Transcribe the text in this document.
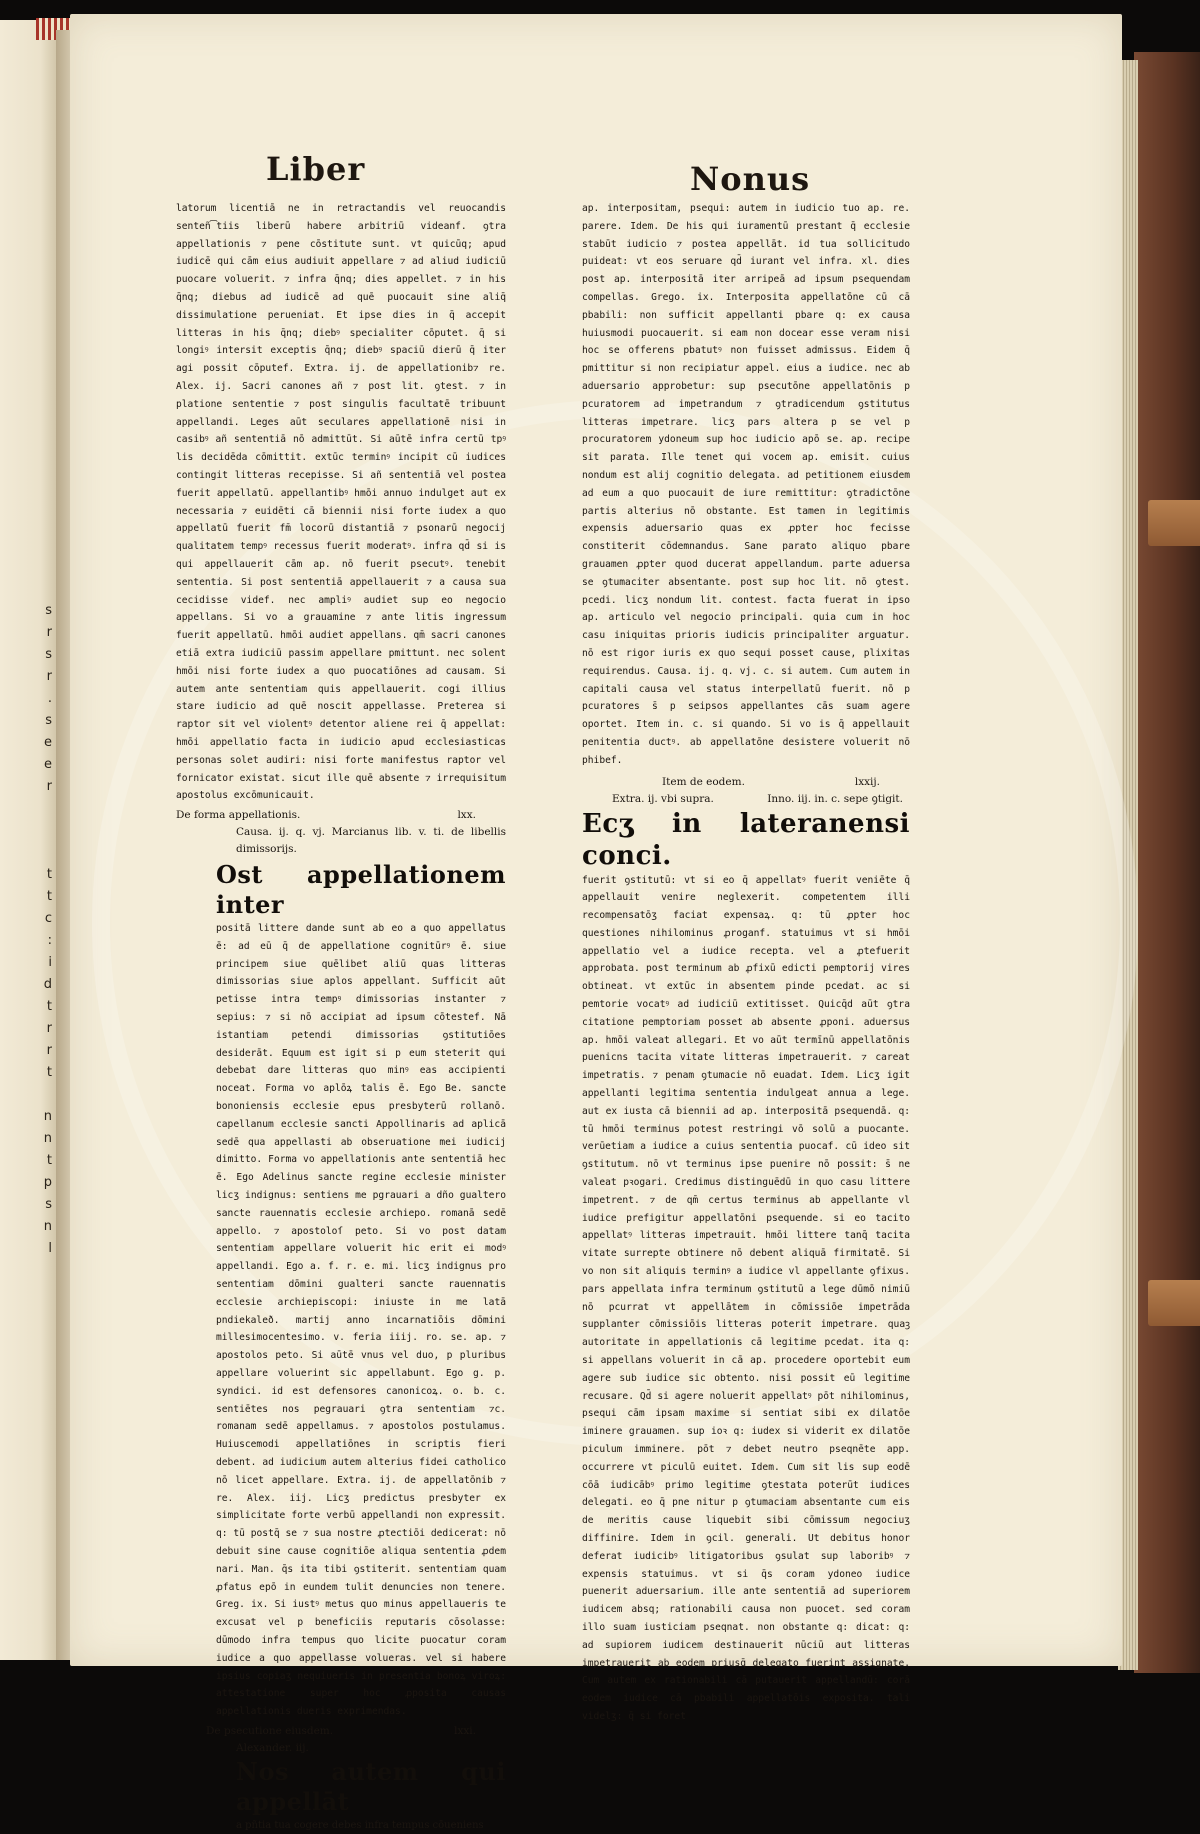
s
r
s
r
.
s
e
e
r

t
t
c
:
i
d
t
r
r
t

n
n
t
p
s
n
l
Liber	Nonus

latorum licentiā ne in retractandis vel reuocandis senteñ͡tiis liberū habere arbitriū videanf. ꝯtra appellationis ⁊ pene cōstitute sunt. vt quicūq; apud iudicē qui cām eius audiuit appellare ⁊ ad aliud iudiciū puocare voluerit. ⁊ infra q̄nq; dies appellet. ⁊ in his q̄nq; diebus ad iudicē ad quē puocauit sine aliq̄ dissimulatione perueniat. Et ipse dies in q̄ accepit litteras in his q̄nq; diebꝰ specialiter cōputet. q̄ si longiꝰ intersit exceptis q̄nq; diebꝰ spaciū dierū q̄ iter agi possit cōputef. Extra. ij. de appellationib⁊ re. Alex. ij. Sacri canones añ ⁊ post lit. ꝯtest. ⁊ in platione sententie ⁊ post singulis facultatē tribuunt appellandi. Leges aūt seculares appellationē nisi in casibꝰ añ sententiā nō admittūt. Si aūtē infra certū tpꝰ lis decidēda cōmittit. extūc terminꝰ incipit cū iudices contingit litteras recepisse. Si añ sententiā vel postea fuerit appellatū. appellantibꝰ hmōi annuo indulget aut ex necessaria ⁊ euidēti cā biennii nisi forte iudex a quo appellatū fuerit fm̄ locorū distantiā ⁊ psonarū negocij qualitatem tempꝰ recessus fuerit moderatꝰ. infra qd̄ si is qui appellauerit cām ap. nō fuerit psecutꝰ. tenebit sententia. Si post sententiā appellauerit ⁊ a causa sua cecidisse videf. nec ampliꝰ audiet sup eo negocio appellans. Si vo a grauamine ⁊ ante litis ingressum fuerit appellatū. hmōi audiet appellans. qm̄ sacri canones etiā extra iudiciū passim appellare pmittunt. nec solent hmōi nisi forte iudex a quo puocatiōnes ad causam. Si autem ante sententiam quis appellauerit. cogi illius stare iudicio ad quē noscit appellasse. Preterea si raptor sit vel violentꝰ detentor aliene rei q̄ appellat: hmōi appellatio facta in iudicio apud ecclesiasticas personas solet audiri: nisi forte manifestus raptor vel fornicator existat. sicut ille quē absente ⁊ irrequisitum apostolus excōmunicauit.

De forma appellationis.	lxx.
Causa. ij. q. vj. Marcianus lib. v. ti. de libellis dimissorijs.
Ost appellationem inter

positā littere dande sunt ab eo a quo appellatus ē: ad eū q̄ de appellatione cognitūrꝰ ē. siue principem siue quēlibet aliū quas litteras dimissorias siue aplos appellant. Sufficit aūt petisse intra tempꝰ dimissorias instanter ⁊ sepius: ⁊ si nō accipiat ad ipsum cōtestef. Nā istantiam petendi dimissorias ꝯstitutiōes desiderāt. Equum est igit si p eum steterit qui debebat dare litteras quo minꝰ eas accipienti noceat. Forma vo aplōꝝ talis ē. Ego Be. sancte bononiensis ecclesie epus presbyterū rollanō. capellanum ecclesie sancti Appollinaris ad aplicā sedē qua appellasti ab obseruatione mei iudicij dimitto. Forma vo appellationis ante sententiā hec ē. Ego Adelinus sancte regine ecclesie minister licʒ indignus: sentiens me pgrauari a dño gualtero sancte rauennatis ecclesie archiepo. romanā sedē appello. ⁊ apostoloſ peto. Si vo post datam sententiam appellare voluerit hic erit ei modꝰ appellandi. Ego a. f. r. e. mi. licʒ indignus pro sententiam dōmini gualteri sancte rauennatis ecclesie archiepiscopi: iniuste in me latā pndiekaleð. martij anno incarnatiōis dōmini millesimocentesimo. v. feria iiij. ro. se. ap. ⁊ apostolos peto. Si aūtē vnus vel duo, p pluribus appellare voluerint sic appellabunt. Ego g. p. syndici. id est defensores canonicoꝝ. o. b. c. sentiētes nos pegrauari ꝯtra sententiam ⁊c. romanam sedē appellamus. ⁊ apostolos postulamus. Huiuscemodi appellatiōnes in scriptis fieri debent. ad iudicium autem alterius fidei catholico nō licet appellare. Extra. ij. de appellatōnib ⁊ re. Alex. iij. Licʒ predictus presbyter ex simplicitate forte verbū appellandi non expressit. q: tū postq̄ se ⁊ sua nostre ꝓtectiōi dedicerat: nō debuit sine cause cognitiōe aliqua sententia ꝓdem nari. Man. q̄s ita tibi ꝯstiterit. sententiam quam ꝓfatus epō in eundem tulit denuncies non tenere. Greg. ix. Si iustꝰ metus quo minus appellaueris te excusat vel p beneficiis reputaris cōsolasse: dūmodo infra tempus quo licite puocatur coram iudice a quo appellasse volueras. vel si habere ipsius copiaʒ nequiueris in presentia bonoꝝ viroꝝ: attestatione super hoc ꝓposita causas appellationis dueris exprimendas.

De psecutione eiusdem.	lxxi.
Alexander. iij.
Nos autem qui appellāt
a pñtia tua cogere debes infra tempus cōueniens

ap. interpositam, psequi: autem in iudicio tuo ap. re. parere. Idem. De his qui iuramentū prestant q̄ ecclesie stabūt iudicio ⁊ postea appellāt. id tua sollicitudo puideat: vt eos seruare qd̄ iurant vel infra. xl. dies post ap. interpositā iter arripeā ad ipsum psequendam compellas. Grego. ix. Interposita appellatōne cū cā pbabili: non sufficit appellanti pbare q: ex causa huiusmodi puocauerit. si eam non docear esse veram nisi hoc se offerens pbatutꝰ non fuisset admissus. Eidem q̄ pmittitur si non recipiatur appel. eius a iudice. nec ab aduersario approbetur: sup psecutōne appellatōnis p pcuratorem ad impetrandum ⁊ ꝯtradicendum ꝯstitutus litteras impetrare. licʒ pars altera p se vel p procuratorem ydoneum sup hoc iudicio apō se. ap. recipe sit parata. Ille tenet qui vocem ap. emisit. cuius nondum est alij cognitio delegata. ad petitionem eiusdem ad eum a quo puocauit de iure remittitur: ꝯtradictōne partis alterius nō obstante. Est tamen in legitimis expensis aduersario quas ex ꝓpter hoc fecisse constiterit cōdemnandus. Sane parato aliquo pbare grauamen ꝓpter quod ducerat appellandum. parte aduersa se ꝯtumaciter absentante. post sup hoc lit. nō ꝯtest. pcedi. licʒ nondum lit. contest. facta fuerat in ipso ap. articulo vel negocio principali. quia cum in hoc casu iniquitas prioris iudicis principaliter arguatur. nō est rigor iuris ex quo sequi posset cause, plixitas requirendus. Causa. ij. q. vj. c. si autem. Cum autem in capitali causa vel status interpellatū fuerit. nō p pcuratores s̄ p seipsos appellantes cās suam agere oportet. Item in. c. si quando. Si vo is q̄ appellauit penitentia ductꝰ. ab appellatōne desistere voluerit nō phibef.

Item de eodem.	lxxij.
Extra. ij. vbi supra.	Inno. iij. in. c. sepe ꝯtigit.
Ecʒ in lateranensi conci.

fuerit ꝯstitutū: vt si eo q̄ appellatꝰ fuerit veniēte q̄ appellauit venire neglexerit. competentem illi recompensatōʒ faciat expensaꝝ. q: tū ꝓpter hoc questiones nihilominus ꝓroganf. statuimus vt si hmōi appellatio vel a iudice recepta. vel a ꝓtefuerit approbata. post terminum ab ꝓfixū edicti pemptorij vires obtineat. vt extūc in absentem pinde pcedat. ac si pemtorie vocatꝰ ad iudiciū extitisset. Quicq̄d aūt ꝯtra citatione pemptoriam posset ab absente ꝓponi. aduersus ap. hmōi valeat allegari. Et vo aūt termīnū appellatōnis puenicns tacita vitate litteras impetrauerit. ⁊ careat impetratis. ⁊ penam ꝯtumacie nō euadat. Idem. Licʒ igit appellanti legitima sententia indulgeat annua a lege. aut ex iusta cā biennii ad ap. interpositā psequendā. q: tū hmōi terminus potest restringi vō solū a puocante. verūetiam a iudice a cuius sententia puocaf. cū ideo sit ꝯstitutum. nō vt terminus ipse puenire nō possit: s̄ ne valeat pꝛogari. Credimus distinguēdū in quo casu littere impetrent. ⁊ de qm̄ certus terminus ab appellante vl iudice prefigitur appellatōni psequende. si eo tacito appellatꝰ litteras impetrauit. hmōi littere tanq̄ tacita vitate surrepte obtinere nō debent aliquā firmitatē. Si vo non sit aliquis terminꝰ a iudice vl appellante ꝯfixus. pars appellata infra terminum ꝯstitutū a lege dūmō nimiū nō pcurrat vt appellātem in cōmissiōe impetrāda supplanter cōmissiōis litteras poterit impetrare. quaꝫ autoritate in appellationis cā legitime pcedat. ita q: si appellans voluerit in cā ap. procedere oportebit eum agere sub iudice sic obtento. nisi possit eū legitime recusare. Qd̄ si agere noluerit appellatꝰ pōt nihilominus, psequi cām ipsam maxime si sentiat sibi ex dilatōe iminere grauamen. sup ioꝛ q: iudex si viderit ex dilatōe piculum imminere. pōt ⁊ debet neutro pseqnēte app. occurrere vt piculū euitet. Idem. Cum sit lis sup eodē cōā iudicābꝰ primo legitime ꝯtestata poterūt iudices delegati. eo q̄ pne nitur p ꝯtumaciam absentante cum eis de meritis cause liquebit sibi cōmissum negociuʒ diffinire. Idem in ꝯcil. generali. Ut debitus honor deferat iudicibꝰ litigatoribus ꝯsulat sup laboribꝰ ⁊ expensis statuimus. vt si q̄s coram ydoneo iudice puenerit aduersarium. ille ante sententiā ad superiorem iudicem absq; rationabili causa non puocet. sed coram illo suam iusticiam pseqnat. non obstante q: dicat: q: ad supiorem iudicem destinauerit nūciū aut litteras impetrauerit ab eodem priusq̄ delegato fuerint assignate. Cum autem ex rationabili cā putauerit appellandū: corā eodem iudice cā pbabili appellatōis exposita. tali videlʒ: q̄ si foret
